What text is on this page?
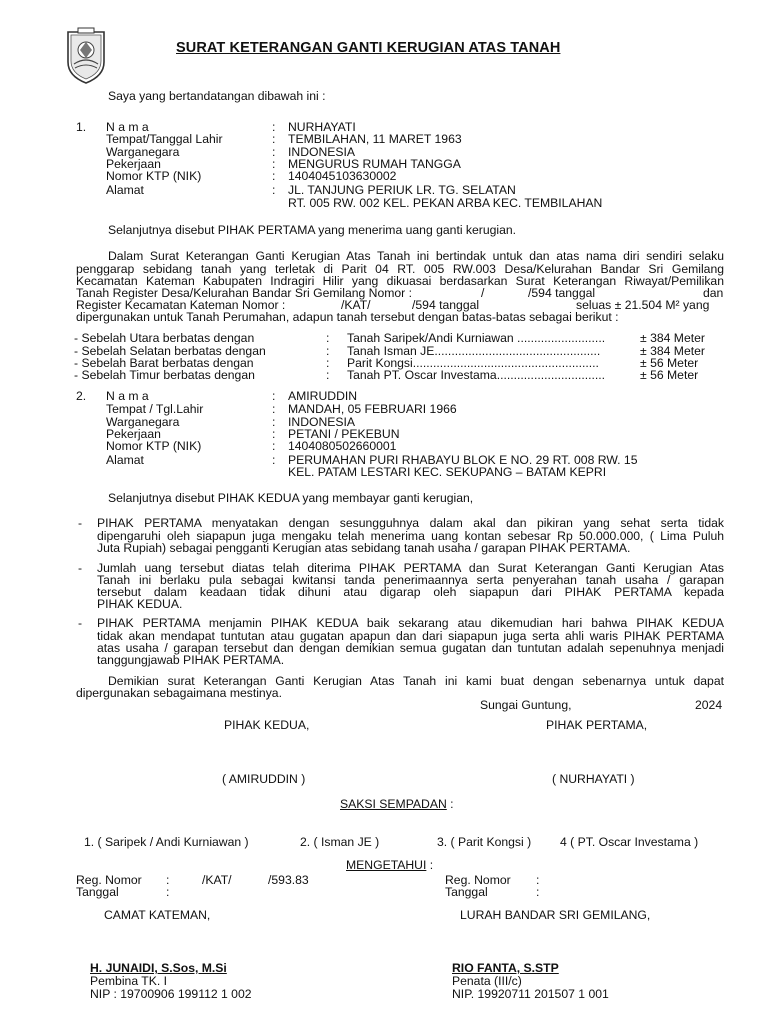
SURAT KETERANGAN GANTI KERUGIAN ATAS TANAH
Saya yang bertandatangan dibawah ini :
1. N a m a	: NURHAYATI
Tempat/Tanggal Lahir	: TEMBILAHAN, 11 MARET 1963
Warganegara	: INDONESIA
Pekerjaan	: MENGURUS RUMAH TANGGA
Nomor KTP (NIK)	: 1404045103630002
Alamat	: JL. TANJUNG PERIUK LR. TG. SELATAN
RT. 005 RW. 002 KEL. PEKAN ARBA KEC. TEMBILAHAN
Selanjutnya disebut PIHAK PERTAMA yang menerima uang ganti kerugian.
Dalam Surat Keterangan Ganti Kerugian Atas Tanah ini bertindak untuk dan atas nama diri sendiri selaku
penggarap sebidang tanah yang terletak di Parit 04 RT. 005 RW.003 Desa/Kelurahan Bandar Sri Gemilang
Kecamatan Kateman Kabupaten Indragiri Hilir yang dikuasai berdasarkan Surat Keterangan Riwayat/Pemilikan
Tanah Register Desa/Kelurahan Bandar Sri Gemilang Nomor :	/	/594 tanggal	dan
Register Kecamatan Kateman Nomor :	/KAT/	/594 tanggal	seluas ± 21.504 M² yang
dipergunakan untuk Tanah Perumahan, adapun tanah tersebut dengan batas-batas sebagai berikut :
- Sebelah Utara berbatas dengan	: Tanah Saripek/Andi Kurniawan ..........................	± 384 Meter
- Sebelah Selatan berbatas dengan	: Tanah Isman JE.................................................	± 384 Meter
- Sebelah Barat berbatas dengan	: Parit Kongsi.......................................................	± 56 Meter
- Sebelah Timur berbatas dengan	: Tanah PT. Oscar Investama................................	± 56 Meter
2. N a m a	: AMIRUDDIN
Tempat / Tgl.Lahir	: MANDAH, 05 FEBRUARI 1966
Warganegara	: INDONESIA
Pekerjaan	: PETANI / PEKEBUN
Nomor KTP (NIK)	: 1404080502660001
Alamat	: PERUMAHAN PURI RHABAYU BLOK E NO. 29 RT. 008 RW. 15
KEL. PATAM LESTARI KEC. SEKUPANG – BATAM KEPRI
Selanjutnya disebut PIHAK KEDUA yang membayar ganti kerugian,
- PIHAK PERTAMA menyatakan dengan sesungguhnya dalam akal dan pikiran yang sehat serta tidak
dipengaruhi oleh siapapun juga mengaku telah menerima uang kontan sebesar Rp 50.000.000, ( Lima Puluh
Juta Rupiah) sebagai pengganti Kerugian atas sebidang tanah usaha / garapan PIHAK PERTAMA.
- Jumlah uang tersebut diatas telah diterima PIHAK PERTAMA dan Surat Keterangan Ganti Kerugian Atas
Tanah ini berlaku pula sebagai kwitansi tanda penerimaannya serta penyerahan tanah usaha / garapan
tersebut dalam keadaan tidak dihuni atau digarap oleh siapapun dari PIHAK PERTAMA kepada
PIHAK KEDUA.
- PIHAK PERTAMA menjamin PIHAK KEDUA baik sekarang atau dikemudian hari bahwa PIHAK KEDUA
tidak akan mendapat tuntutan atau gugatan apapun dan dari siapapun juga serta ahli waris PIHAK PERTAMA
atas usaha / garapan tersebut dan dengan demikian semua gugatan dan tuntutan adalah sepenuhnya menjadi
tanggungjawab PIHAK PERTAMA.
Demikian surat Keterangan Ganti Kerugian Atas Tanah ini kami buat dengan sebenarnya untuk dapat
dipergunakan sebagaimana mestinya.
Sungai Guntung,	2024
PIHAK KEDUA,	PIHAK PERTAMA,
( AMIRUDDIN )	( NURHAYATI )
SAKSI SEMPADAN :
1. ( Saripek / Andi Kurniawan )	2. ( Isman JE )	3. ( Parit Kongsi ) 4 ( PT. Oscar Investama )
MENGETAHUI :
Reg. Nomor :	/KAT/	/593.83
Tanggal	:
Reg. Nomor :
Tanggal	:
CAMAT KATEMAN,	LURAH BANDAR SRI GEMILANG,
H. JUNAIDI, S.Sos, M.Si
Pembina TK. I
NIP : 19700906 199112 1 002
RIO FANTA, S.STP
Penata (III/c)
NIP. 19920711 201507 1 001
